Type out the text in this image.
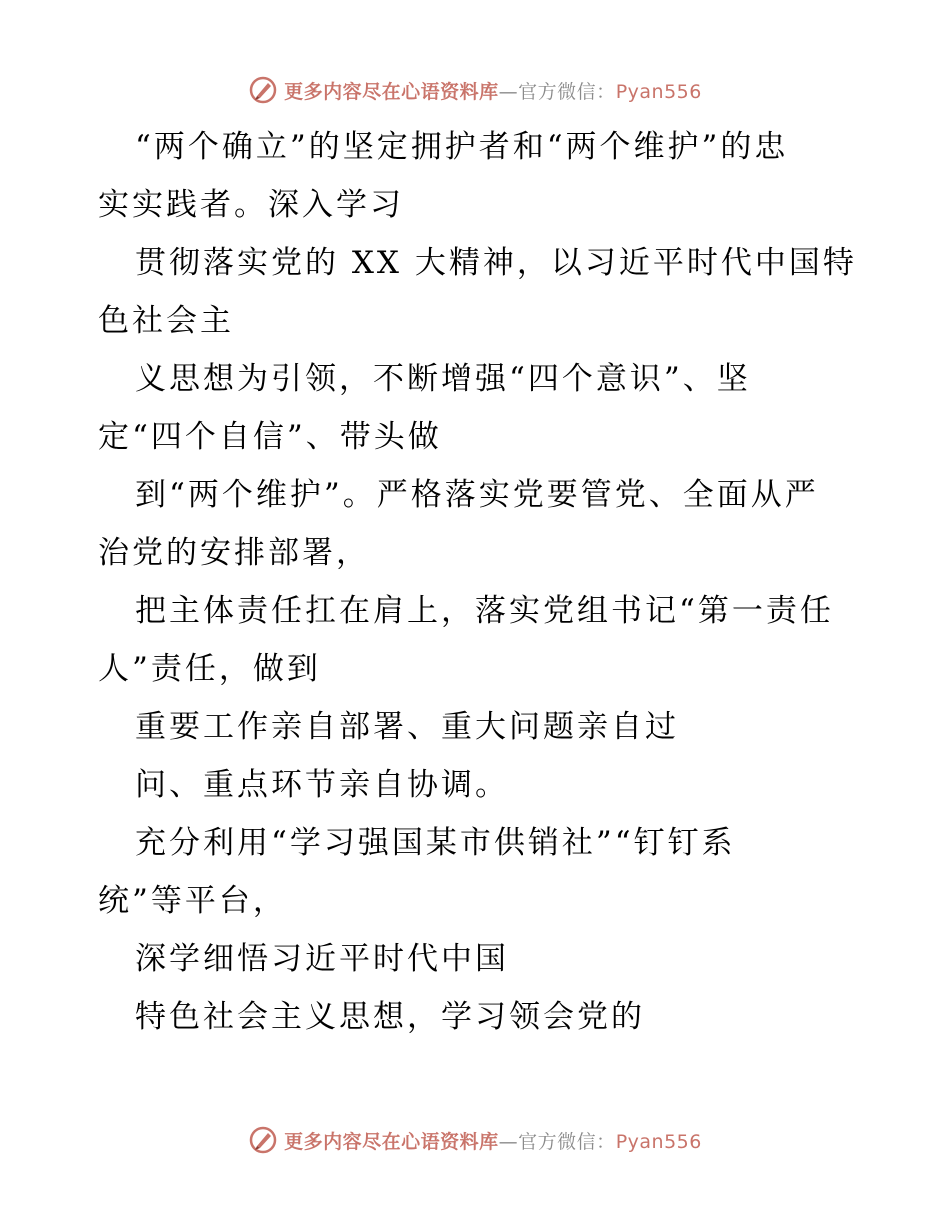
更多内容尽在心语资料库—官方微信：Pyan556
“两个确立”的坚定拥护者和“两个维护”的忠
实实践者。深入学习
贯彻落实党的 XX 大精神，以习近平时代中国特
色社会主
义思想为引领，不断增强“四个意识”、坚
定“四个自信”、带头做
到“两个维护”。严格落实党要管党、全面从严
治党的安排部署，
把主体责任扛在肩上，落实党组书记“第一责任
人”责任，做到
重要工作亲自部署、重大问题亲自过
问、重点环节亲自协调。
充分利用“学习强国某市供销社”“钉钉系
统”等平台，
深学细悟习近平时代中国
特色社会主义思想，学习领会党的
更多内容尽在心语资料库—官方微信：Pyan556
